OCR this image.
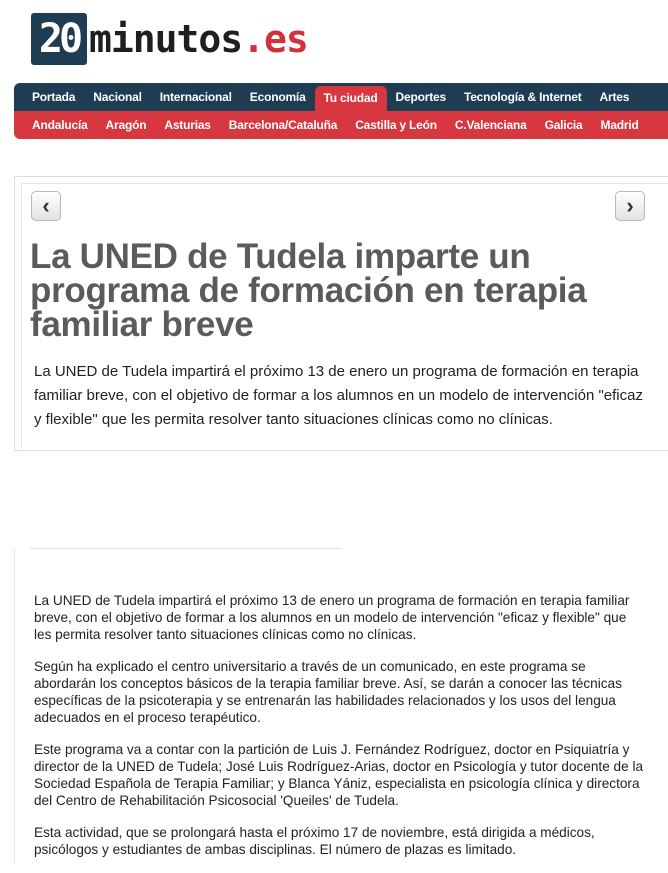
20 minutos .es
Portada Nacional Internacional Economía Tu ciudad Deportes Tecnología & Internet Artes
Andalucía Aragón Asturias Barcelona/Cataluña Castilla y León C.Valenciana Galicia Madrid
‹	›
La UNED de Tudela imparte un programa de formación en terapia familiar breve

La UNED de Tudela impartirá el próximo 13 de enero un programa de formación en terapia familiar breve, con el objetivo de formar a los alumnos en un modelo de intervención "eficaz y flexible" que les permita resolver tanto situaciones clínicas como no clínicas.

La UNED de Tudela impartirá el próximo 13 de enero un programa de formación en terapia familiar breve, con el objetivo de formar a los alumnos en un modelo de intervención "eficaz y flexible" que les permita resolver tanto situaciones clínicas como no clínicas.

Según ha explicado el centro universitario a través de un comunicado, en este programa se abordarán los conceptos básicos de la terapia familiar breve. Así, se darán a conocer las técnicas específicas de la psicoterapia y se entrenarán las habilidades relacionados y los usos del lengua adecuados en el proceso terapéutico.

Este programa va a contar con la partición de Luis J. Fernández Rodríguez, doctor en Psiquiatría y director de la UNED de Tudela; José Luis Rodríguez-Arias, doctor en Psicología y tutor docente de la Sociedad Española de Terapia Familiar; y Blanca Yániz, especialista en psicología clínica y directora del Centro de Rehabilitación Psicosocial 'Queiles' de Tudela.

Esta actividad, que se prolongará hasta el próximo 17 de noviembre, está dirigida a médicos, psicólogos y estudiantes de ambas disciplinas. El número de plazas es limitado.
